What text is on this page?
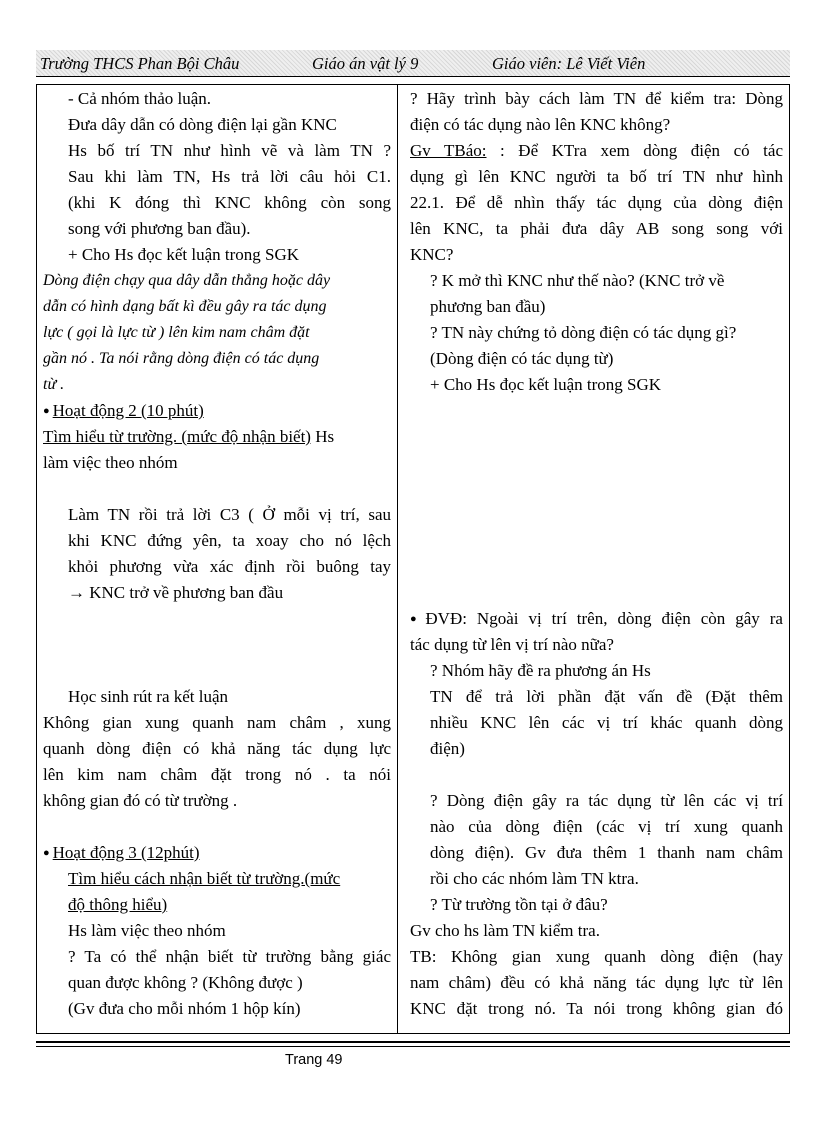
Trường THCS Phan Bội Châu	Giáo án vật lý 9	Giáo viên: Lê Viết Viên

- Cả nhóm thảo luận.

Đưa dây dẫn có dòng điện lại gần KNC

Hs bố trí TN như hình vẽ và làm TN ?

Sau khi làm TN, Hs trả lời câu hỏi C1.

(khi K đóng thì KNC không còn song

song với phương ban đầu).

+ Cho Hs đọc kết luận trong SGK

Dòng điện chạy qua dây dẫn thẳng hoặc dây

dẫn có hình dạng bất kì đều gây ra tác dụng

lực ( gọi là lực từ ) lên kim nam châm đặt

gần nó . Ta nói rằng dòng điện có tác dụng

từ .

● Hoạt động 2 (10 phút)

Tìm hiểu từ trường. (mức độ nhận biết) Hs

làm việc theo nhóm

Làm TN rồi trả lời C3 ( Ở mỗi vị trí, sau

khi KNC đứng yên, ta xoay cho nó lệch

khỏi phương vừa xác định rồi buông tay

→ KNC trở về phương ban đầu

Học sinh rút ra kết luận

Không gian xung quanh nam châm , xung

quanh dòng điện có khả năng tác dụng lực

lên kim nam châm đặt trong nó . ta nói

không gian đó có từ trường .

● Hoạt động 3 (12phút)

Tìm hiểu cách nhận biết từ trường.(mức

độ thông hiểu)

Hs làm việc theo nhóm

? Ta có thể nhận biết từ trường bằng giác

quan được không ? (Không được )

(Gv đưa cho mỗi nhóm 1 hộp kín)

? Hãy trình bày cách làm TN để kiểm tra: Dòng

điện có tác dụng nào lên KNC không?

Gv TBáo: : Để KTra xem dòng điện có tác

dụng gì lên KNC người ta bố trí TN như hình

22.1. Để dễ nhìn thấy tác dụng của dòng điện

lên KNC, ta phải đưa dây AB song song với

KNC?

? K mở thì KNC như thế nào? (KNC trở về

phương ban đầu)

? TN này chứng tỏ dòng điện có tác dụng gì?

(Dòng điện có tác dụng từ)

+ Cho Hs đọc kết luận trong SGK

● ĐVĐ: Ngoài vị trí trên, dòng điện còn gây ra

tác dụng từ lên vị trí nào nữa?

? Nhóm hãy đề ra phương án Hs

TN để trả lời phần đặt vấn đề (Đặt thêm

nhiều KNC lên các vị trí khác quanh dòng

điện)

? Dòng điện gây ra tác dụng từ lên các vị trí

nào của dòng điện (các vị trí xung quanh

dòng điện). Gv đưa thêm 1 thanh nam châm

rồi cho các nhóm làm TN ktra.

? Từ trường tồn tại ở đâu?

Gv cho hs làm TN kiểm tra.

TB: Không gian xung quanh dòng điện (hay

nam châm) đều có khả năng tác dụng lực từ lên

KNC đặt trong nó. Ta nói trong không gian đó

Trang 49
